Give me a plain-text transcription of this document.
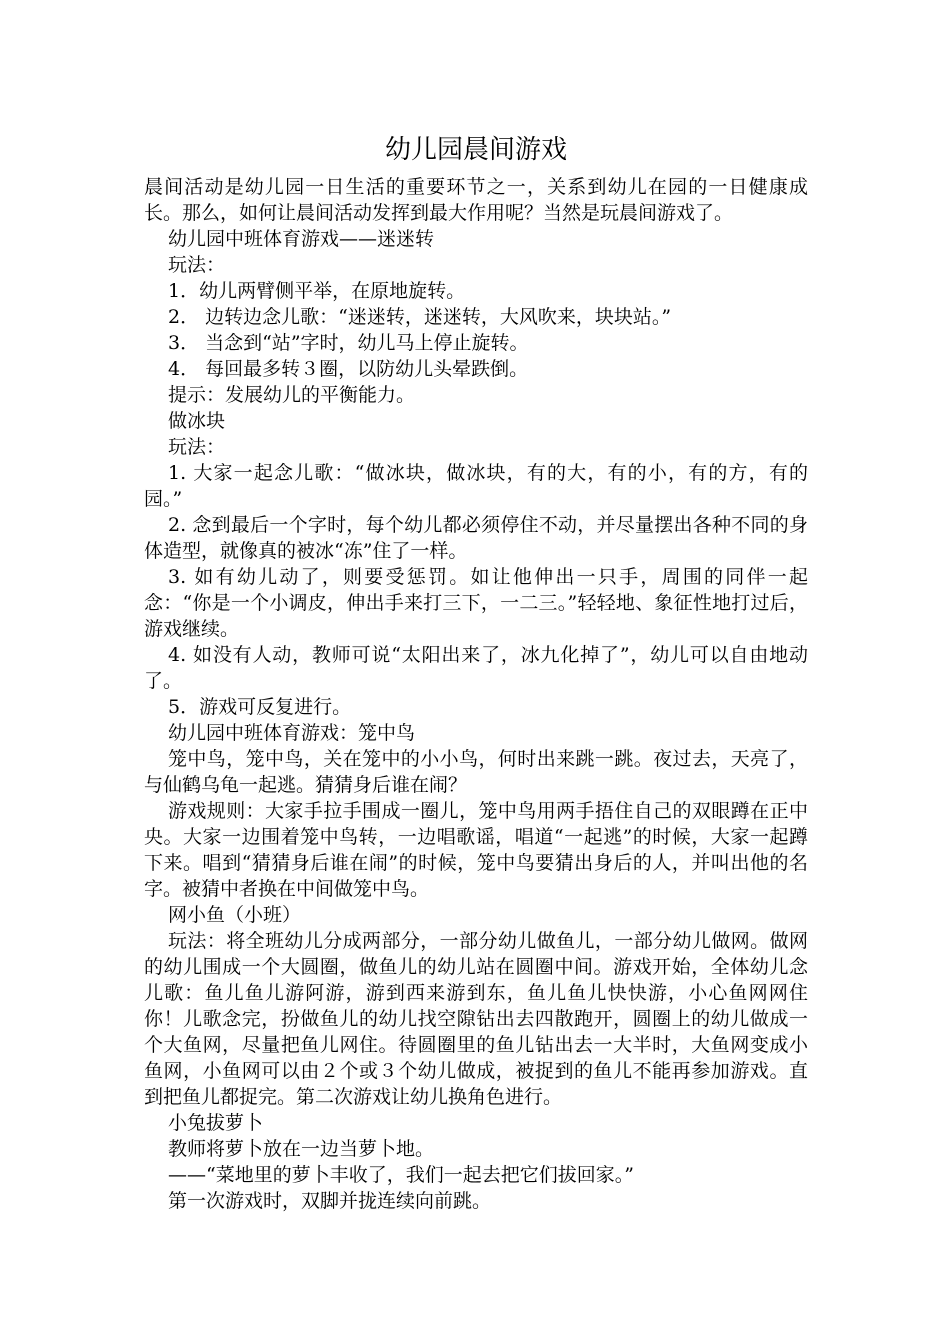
幼儿园晨间游戏

晨间活动是幼儿园一日生活的重要环节之一，关系到幼儿在园的一日健康成长。那么，如何让晨间活动发挥到最大作用呢？当然是玩晨间游戏了。

幼儿园中班体育游戏——迷迷转

玩法：

1．幼儿两臂侧平举，在原地旋转。

2． 边转边念儿歌：“迷迷转，迷迷转，大风吹来，块块站。”

3． 当念到“站”字时，幼儿马上停止旋转。

4． 每回最多转３圈，以防幼儿头晕跌倒。

提示：发展幼儿的平衡能力。

做冰块

玩法：

1. 大家一起念儿歌：“做冰块，做冰块，有的大，有的小，有的方，有的园。”

2. 念到最后一个字时，每个幼儿都必须停住不动，并尽量摆出各种不同的身体造型，就像真的被冰“冻”住了一样。

3. 如有幼儿动了，则要受惩罚。如让他伸出一只手，周围的同伴一起念：“你是一个小调皮，伸出手来打三下，一二三。”轻轻地、象征性地打过后，游戏继续。

4. 如没有人动，教师可说“太阳出来了，冰九化掉了”，幼儿可以自由地动了。

5．游戏可反复进行。

幼儿园中班体育游戏：笼中鸟

笼中鸟，笼中鸟，关在笼中的小小鸟，何时出来跳一跳。夜过去，天亮了，与仙鹤乌龟一起逃。猜猜身后谁在闹？

游戏规则：大家手拉手围成一圈儿，笼中鸟用两手捂住自己的双眼蹲在正中央。大家一边围着笼中鸟转，一边唱歌谣，唱道“一起逃”的时候，大家一起蹲下来。唱到“猜猜身后谁在闹”的时候，笼中鸟要猜出身后的人，并叫出他的名字。被猜中者换在中间做笼中鸟。

网小鱼（小班）

玩法：将全班幼儿分成两部分，一部分幼儿做鱼儿，一部分幼儿做网。做网的幼儿围成一个大圆圈，做鱼儿的幼儿站在圆圈中间。游戏开始，全体幼儿念儿歌：鱼儿鱼儿游阿游，游到西来游到东，鱼儿鱼儿快快游，小心鱼网网住你！儿歌念完，扮做鱼儿的幼儿找空隙钻出去四散跑开，圆圈上的幼儿做成一个大鱼网，尽量把鱼儿网住。待圆圈里的鱼儿钻出去一大半时，大鱼网变成小鱼网，小鱼网可以由２个或３个幼儿做成，被捉到的鱼儿不能再参加游戏。直到把鱼儿都捉完。第二次游戏让幼儿换角色进行。

小兔拔萝卜

教师将萝卜放在一边当萝卜地。

——“菜地里的萝卜丰收了，我们一起去把它们拔回家。”

第一次游戏时，双脚并拢连续向前跳。
